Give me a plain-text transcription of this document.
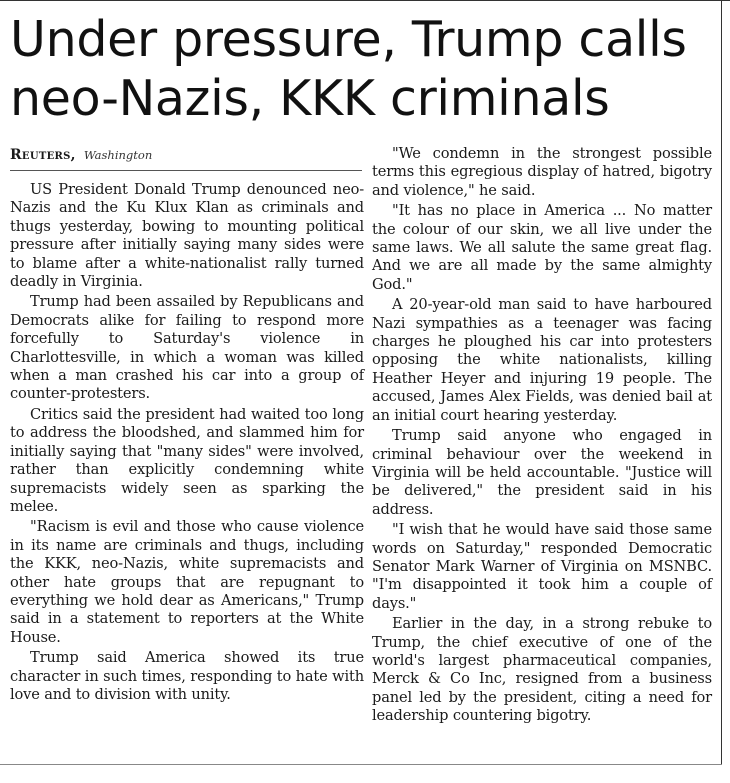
Under pressure, Trump calls neo-Nazis, KKK criminals
Reuters, Washington

US President Donald Trump denounced neo-Nazis and the Ku Klux Klan as criminals and thugs yesterday, bowing to mounting political pressure after initially saying many sides were to blame after a white-nationalist rally turned deadly in Virginia.

Trump had been assailed by Republicans and Democrats alike for failing to respond more forcefully to Saturday's violence in Charlottesville, in which a woman was killed when a man crashed his car into a group of counter-protesters.

Critics said the president had waited too long to address the bloodshed, and slammed him for initially saying that "many sides" were involved, rather than explicitly condemning white supremacists widely seen as sparking the melee.

"Racism is evil and those who cause violence in its name are criminals and thugs, including the KKK, neo-Nazis, white supremacists and other hate groups that are repugnant to everything we hold dear as Americans," Trump said in a statement to reporters at the White House.

Trump said America showed its true character in such times, responding to hate with love and to division with unity.

"We condemn in the strongest possible terms this egregious display of hatred, bigotry and violence," he said.

"It has no place in America ... No matter the colour of our skin, we all live under the same laws. We all salute the same great flag. And we are all made by the same almighty God."

A 20-year-old man said to have harboured Nazi sympathies as a teenager was facing charges he ploughed his car into protesters opposing the white nationalists, killing Heather Heyer and injuring 19 people. The accused, James Alex Fields, was denied bail at an initial court hearing yesterday.

Trump said anyone who engaged in criminal behaviour over the weekend in Virginia will be held accountable. "Justice will be delivered," the president said in his address.

"I wish that he would have said those same words on Saturday," responded Democratic Senator Mark Warner of Virginia on MSNBC. "I'm disappointed it took him a couple of days."

Earlier in the day, in a strong rebuke to Trump, the chief executive of one of the world's largest pharmaceutical companies, Merck & Co Inc, resigned from a business panel led by the president, citing a need for leadership countering bigotry.
